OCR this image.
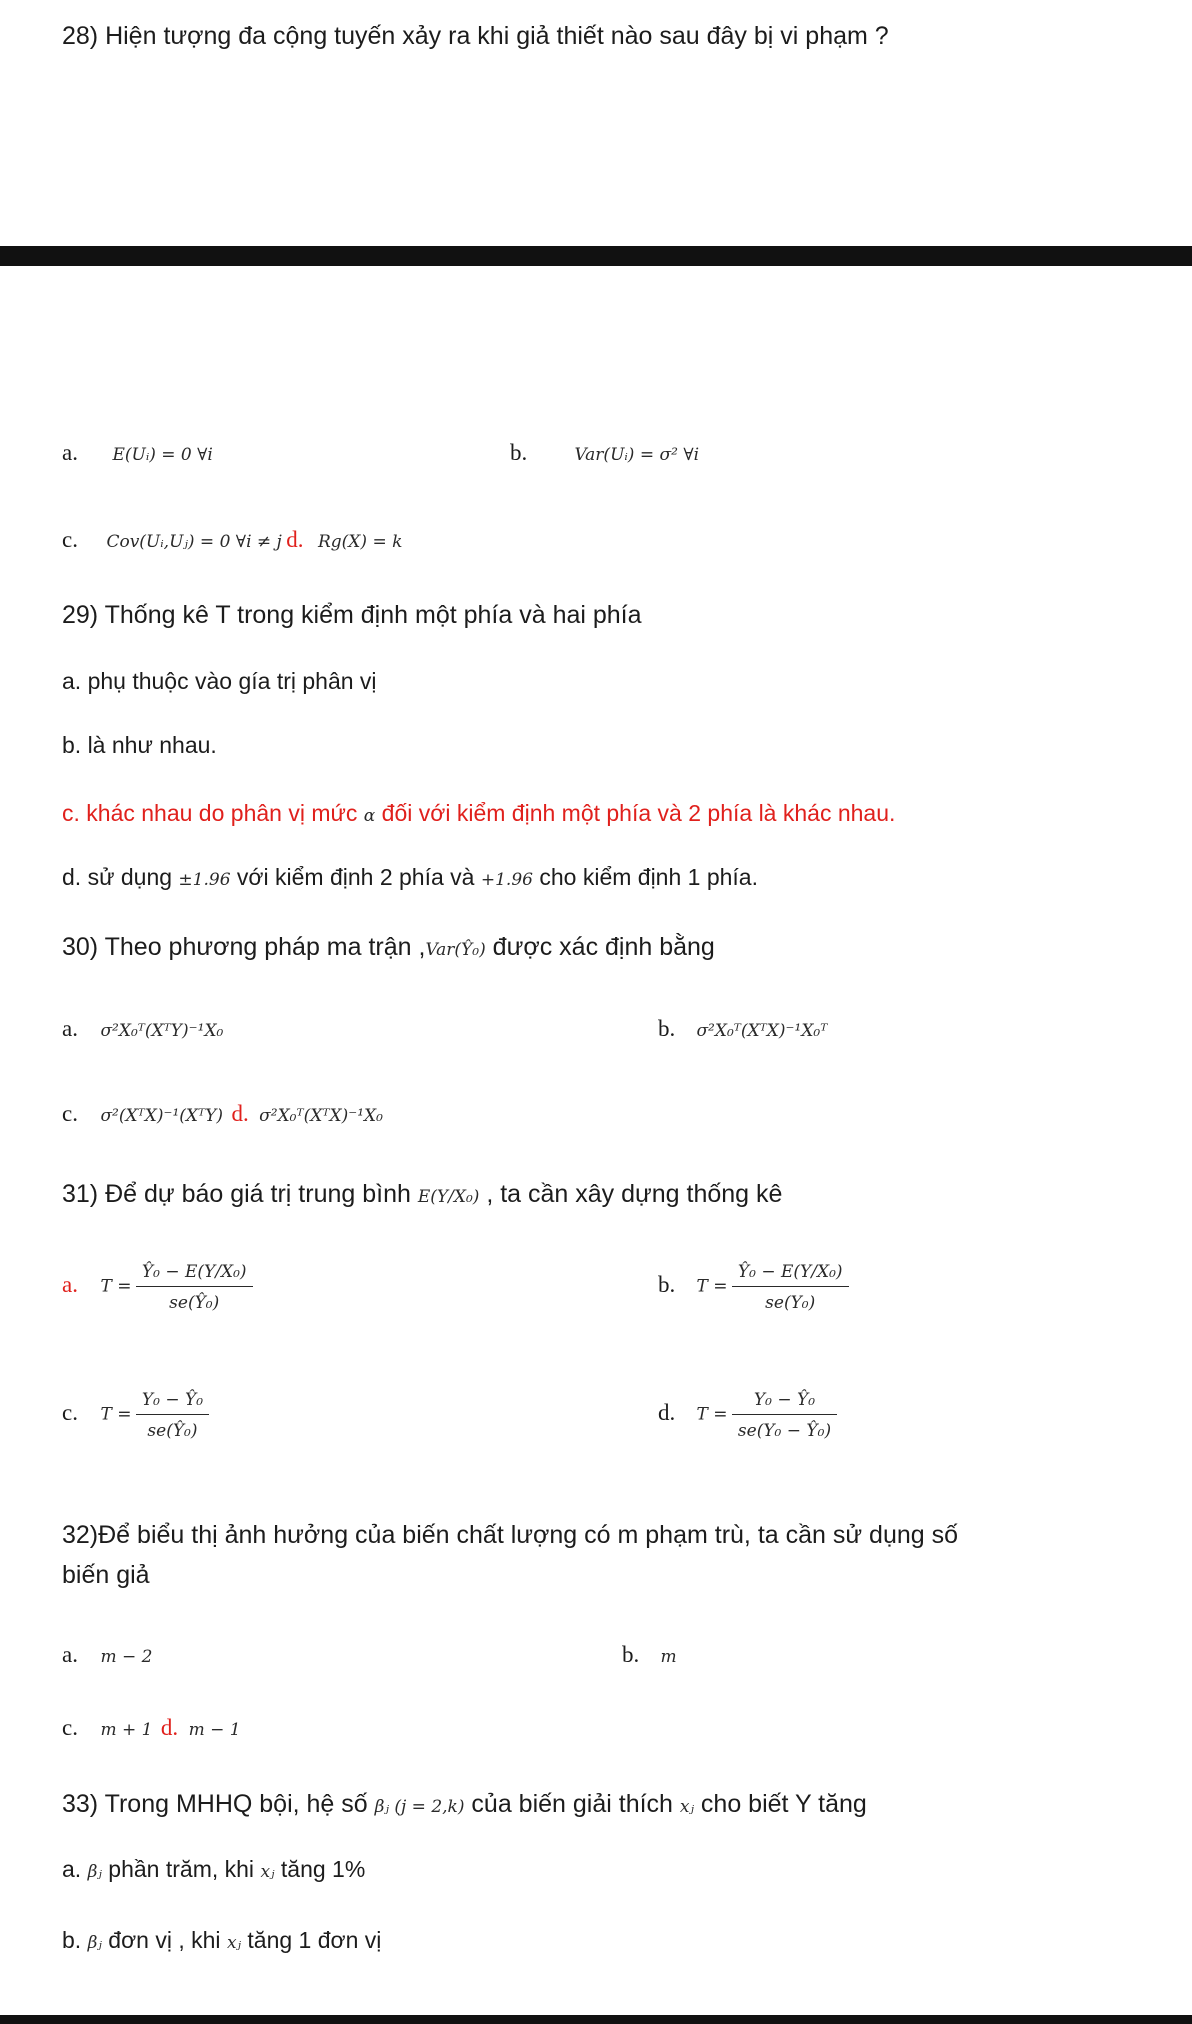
28) Hiện tượng đa cộng tuyến xảy ra khi giả thiết nào sau đây bị vi phạm ?
a. E(Uᵢ) = 0 ∀i	b.	Var(Uᵢ) = σ² ∀i
c. Cov(Uᵢ,Uⱼ) = 0 ∀i ≠ j d. Rg(X) = k
29) Thống kê T trong kiểm định một phía và hai phía
a. phụ thuộc vào gía trị phân vị
b. là như nhau.
c. khác nhau do phân vị mức α đối với kiểm định một phía và 2 phía là khác nhau.
d. sử dụng ±1.96 với kiểm định 2 phía và +1.96 cho kiểm định 1 phía.
30) Theo phương pháp ma trận ,Var(Ŷ₀) được xác định bằng
a. σ²X₀ᵀ(XᵀY)⁻¹X₀	b. σ²X₀ᵀ(XᵀX)⁻¹X₀ᵀ
c. σ²(XᵀX)⁻¹(XᵀY) d. σ²X₀ᵀ(XᵀX)⁻¹X₀
31) Để dự báo giá trị trung bình E(Y/X₀) , ta cần xây dựng thống kê
a. $T = \frac{\text{Ŷ₀ − E(Y/X₀)}}{\text{se(Ŷ₀)}}$	b. $T = \frac{\text{Ŷ₀ − E(Y/X₀)}}{\text{se(Y₀)}}$
c. $T = \frac{\text{Y₀ − Ŷ₀}}{\text{se(Ŷ₀)}}$	d. $T = \frac{\text{Y₀ − Ŷ₀}}{\text{se(Y₀ − Ŷ₀)}}$
32)Để biểu thị ảnh hưởng của biến chất lượng có m phạm trù, ta cần sử dụng số
biến giả
a. m − 2	b. m
c. m + 1 d. m − 1
33) Trong MHHQ bội, hệ số βⱼ (j = 2,k) của biến giải thích xⱼ cho biết Y tăng
a. βⱼ phần trăm, khi xⱼ tăng 1%
b. βⱼ đơn vị , khi xⱼ tăng 1 đơn vị
